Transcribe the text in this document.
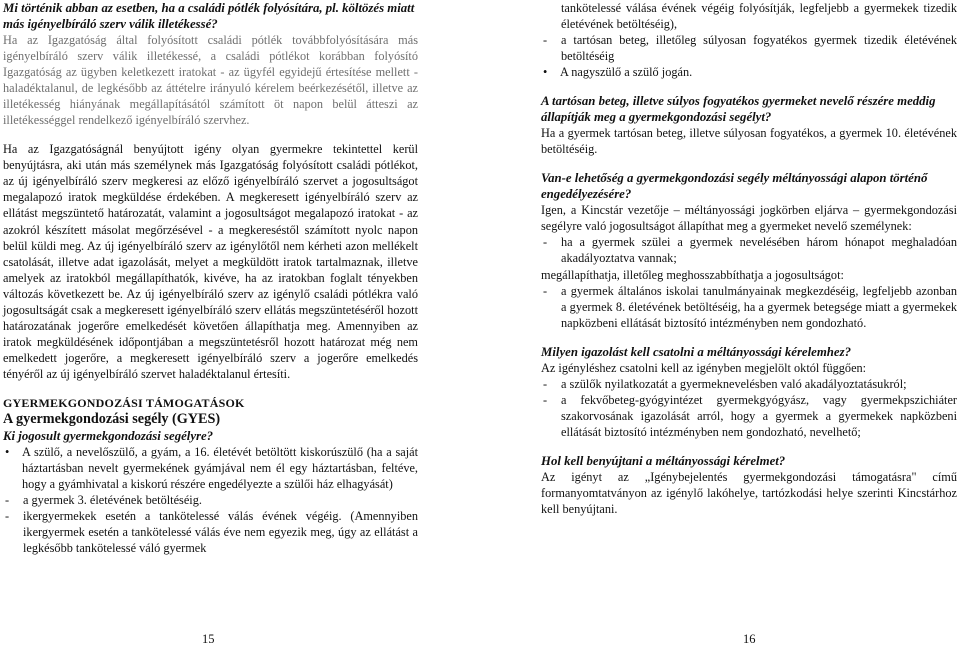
Mi történik abban az esetben, ha a családi pótlék folyósítára, pl. költözés miatt más igényelbíráló szerv válik illetékessé?

Ha az Igazgatóság által folyósított családi pótlék továbbfolyósítására más igényelbíráló szerv válik illetékessé, a családi pótlékot korábban folyósító Igazgatóság az ügyben keletkezett iratokat - az ügyfél egyidejű értesítése mellett - haladéktalanul, de legkésőbb az áttételre irányuló kérelem beérkezésétől, illetve az illetékesség hiányának megállapításától számított öt napon belül átteszi az illetékességgel rendelkező igényelbíráló szervhez.

Ha az Igazgatóságnál benyújtott igény olyan gyermekre tekintettel kerül benyújtásra, aki után más személynek más Igazgatóság folyósított családi pótlékot, az új igényelbíráló szerv megkeresi az előző igényelbíráló szervet a jogosultságot megalapozó iratok megküldése érdekében. A megkeresett igényelbíráló szerv az ellátást megszüntető határozatát, valamint a jogosultságot megalapozó iratokat - az azokról készített másolat megőrzésével - a megkereséstől számított nyolc napon belül küldi meg. Az új igényelbíráló szerv az igénylőtől nem kérheti azon mellékelt csatolását, illetve adat igazolását, melyet a megküldött iratok tartalmaznak, illetve amelyek az iratokból megállapíthatók, kivéve, ha az iratokban foglalt tényekben változás következett be. Az új igényelbíráló szerv az igénylő családi pótlékra való jogosultságát csak a megkeresett igényelbíráló szerv ellátás megszüntetéséről hozott határozatának jogerőre emelkedését követően állapíthatja meg. Amennyiben az iratok megküldésének időpontjában a megszüntetésről hozott határozat még nem emelkedett jogerőre, a megkeresett igényelbíráló szerv a jogerőre emelkedés tényéről az új igényelbíráló szervet haladéktalanul értesíti.

GYERMEKGONDOZÁSI TÁMOGATÁSOK

A gyermekgondozási segély (GYES)

Ki jogosult gyermekgondozási segélyre?

•	A szülő, a nevelőszülő, a gyám, a 16. életévét betöltött kiskorúszülő (ha a saját háztartásban nevelt gyermekének gyámjával nem él egy háztartásban, feltéve, hogy a gyámhivatal a kiskorú részére engedélyezte a szülői ház elhagyását)
-	a gyermek 3. életévének betöltéséig.
-	ikergyermekek esetén a tankötelessé válás évének végéig. (Amennyiben ikergyermek esetén a tankötelessé válás éve nem egyezik meg, úgy az ellátást a legkésőbb tankötelessé váló gyermek
tankötelessé válása évének végéig folyósítják, legfeljebb a gyermekek tizedik életévének betöltéséig),
-	a tartósan beteg, illetőleg súlyosan fogyatékos gyermek tizedik életévének betöltéséig
•	A nagyszülő a szülő jogán.

A tartósan beteg, illetve súlyos fogyatékos gyermeket nevelő részére meddig állapítják meg a gyermekgondozási segélyt?

Ha a gyermek tartósan beteg, illetve súlyosan fogyatékos, a gyermek 10. életévének betöltéséig.

Van-e lehetőség a gyermekgondozási segély méltányossági alapon történő engedélyezésére?

Igen, a Kincstár vezetője – méltányossági jogkörben eljárva – gyermekgondozási segélyre való jogosultságot állapíthat meg a gyermeket nevelő személynek:

-	ha a gyermek szülei a gyermek nevelésében három hónapot meghaladóan akadályoztatva vannak;

megállapíthatja, illetőleg meghosszabbíthatja a jogosultságot:

-	a gyermek általános iskolai tanulmányainak megkezdéséig, legfeljebb azonban a gyermek 8. életévének betöltéséig, ha a gyermek betegsége miatt a gyermekek napközbeni ellátását biztosító intézményben nem gondozható.

Milyen igazolást kell csatolni a méltányossági kérelemhez?

Az igényléshez csatolni kell az igényben megjelölt októl függően:

-	a szülők nyilatkozatát a gyermeknevelésben való akadályoztatásukról;
-	a fekvőbeteg-gyógyintézet gyermekgyógyász, vagy gyermekpszichiáter szakorvosának igazolását arról, hogy a gyermek a gyermekek napközbeni ellátását biztosító intézményben nem gondozható, nevelhető;

Hol kell benyújtani a méltányossági kérelmet?

Az igényt az „Igénybejelentés gyermekgondozási támogatásra" című formanyomtatványon az igénylő lakóhelye, tartózkodási helye szerinti Kincstárhoz kell benyújtani.

15	16
